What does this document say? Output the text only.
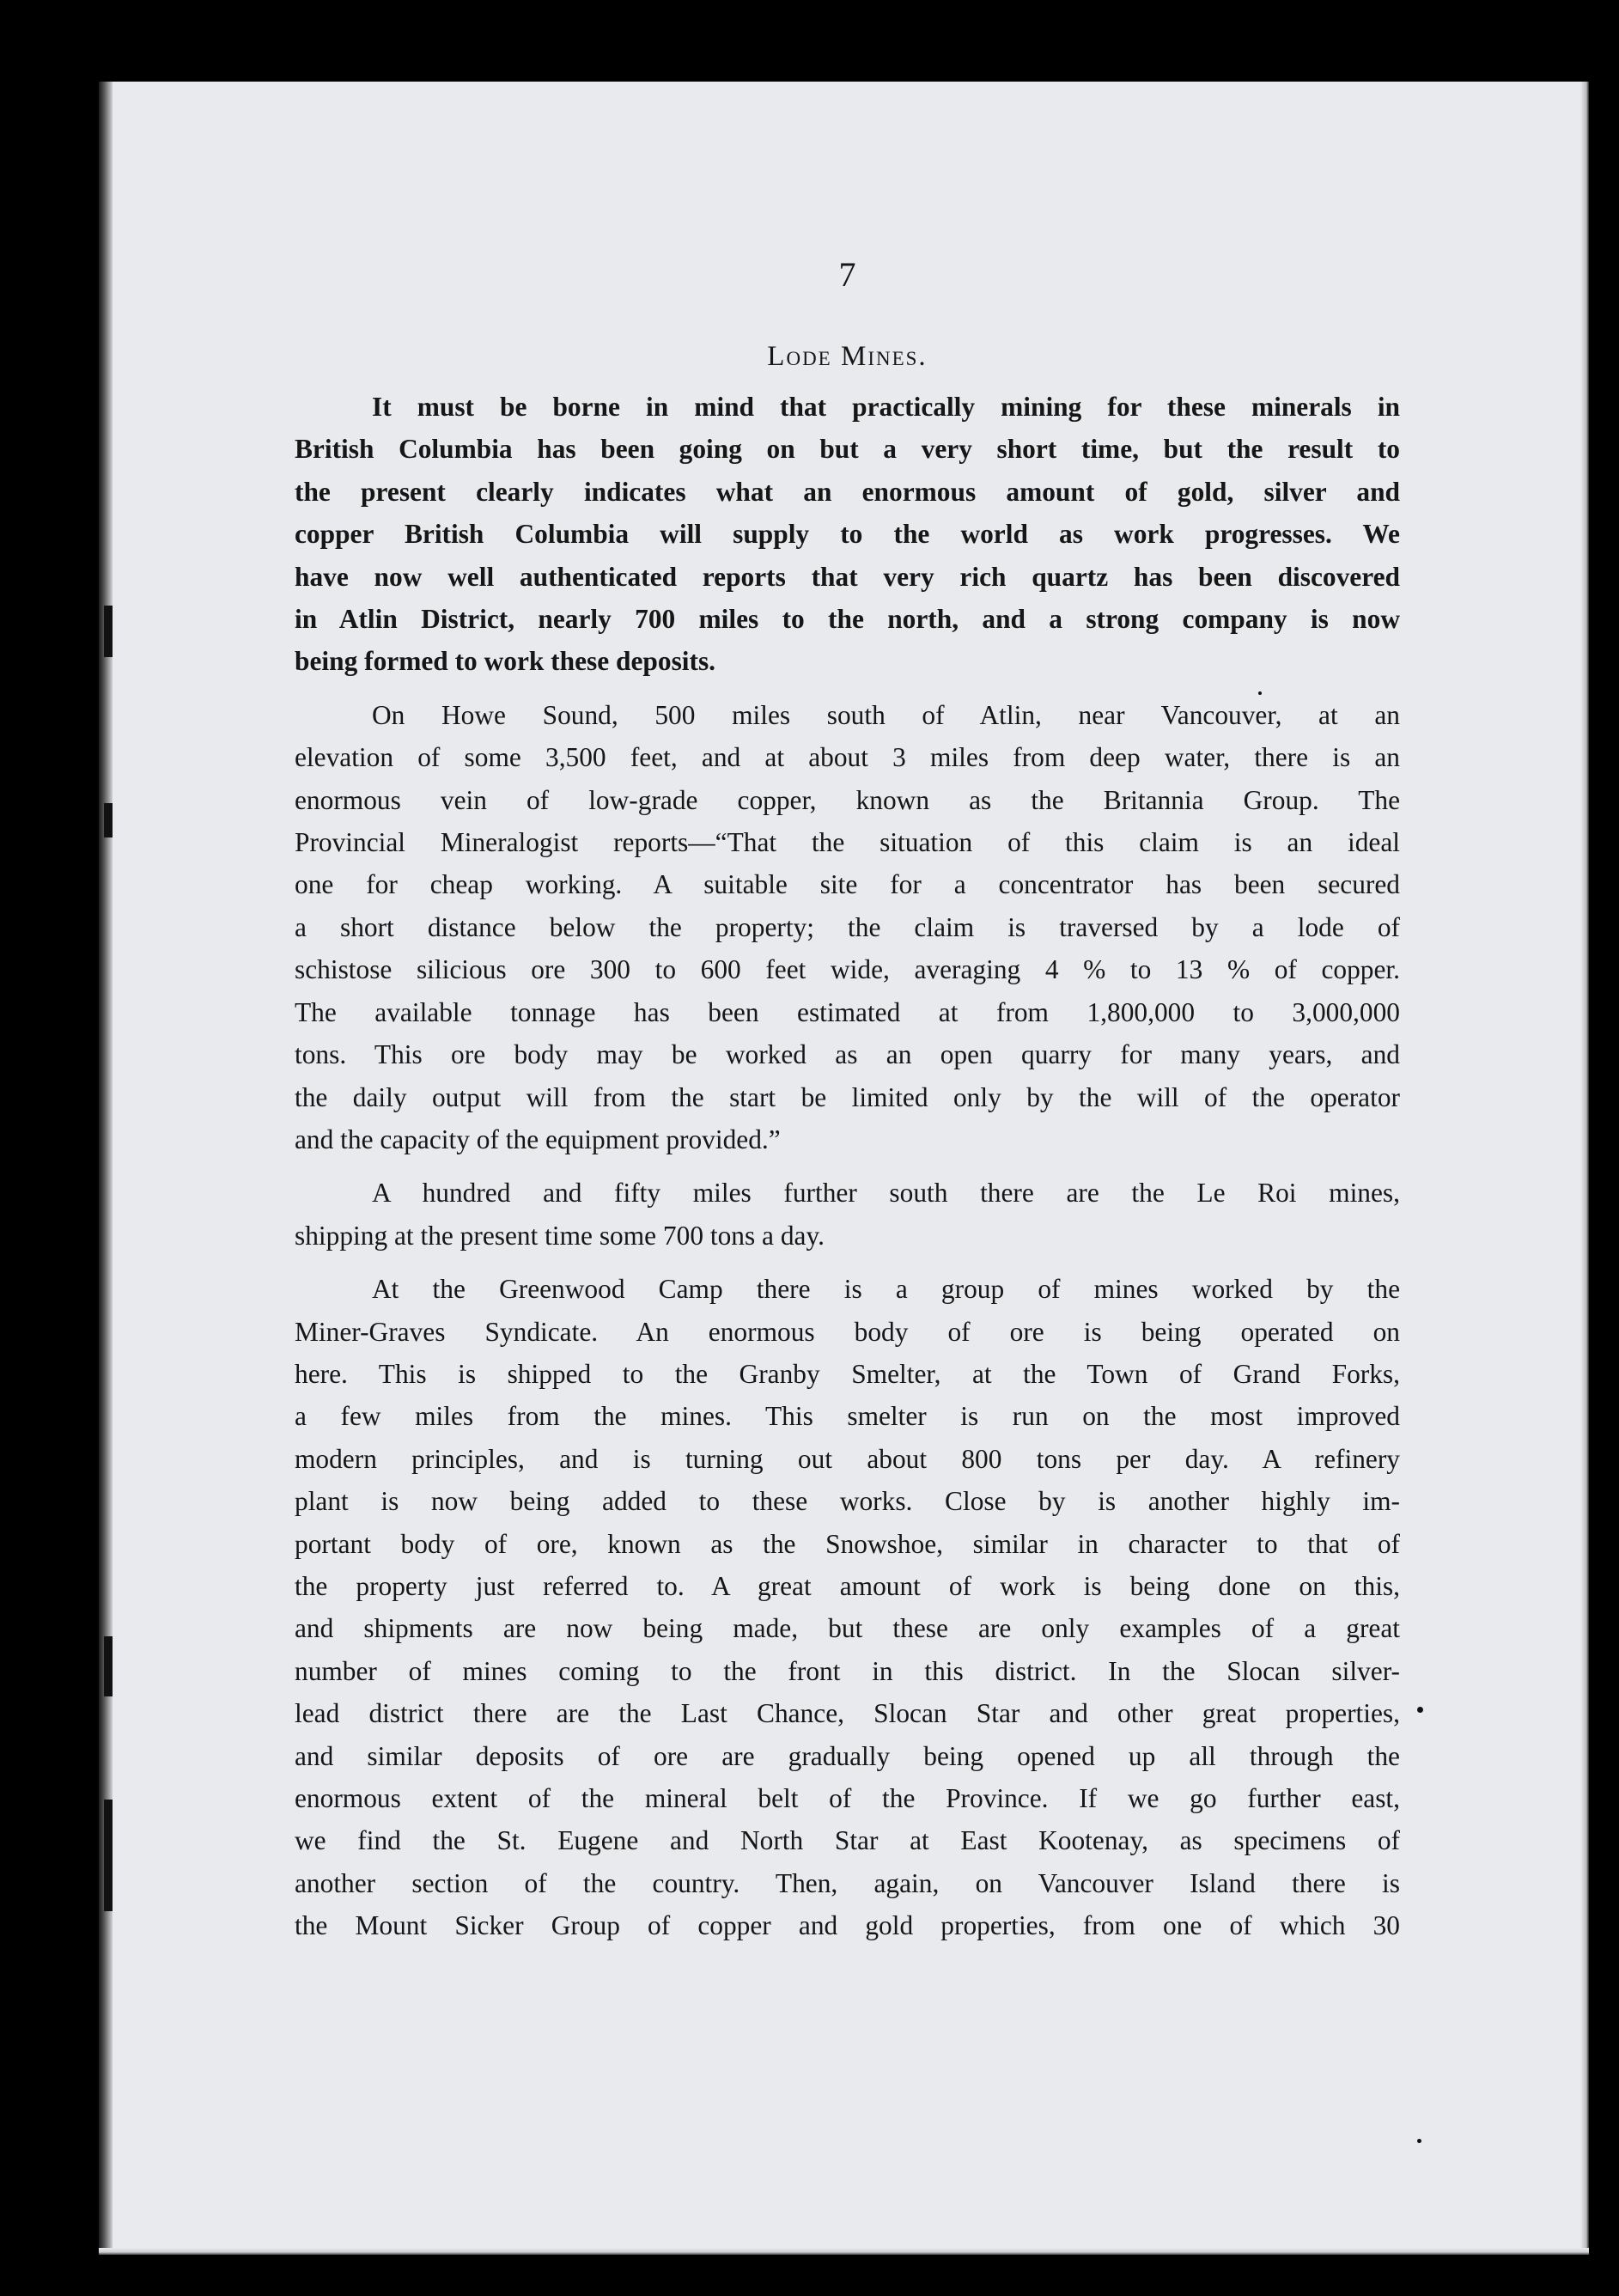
7
Lode Mines.
It must be borne in mind that practically mining for these minerals in
British Columbia has been going on but a very short time, but the result to
the present clearly indicates what an enormous amount of gold, silver and
copper British Columbia will supply to the world as work progresses. We
have now well authenticated reports that very rich quartz has been discovered
in Atlin District, nearly 700 miles to the north, and a strong company is now
being formed to work these deposits.
On Howe Sound, 500 miles south of Atlin, near Vancouver, at an
elevation of some 3,500 feet, and at about 3 miles from deep water, there is an
enormous vein of low-grade copper, known as the Britannia Group. The
Provincial Mineralogist reports—“That the situation of this claim is an ideal
one for cheap working. A suitable site for a concentrator has been secured
a short distance below the property; the claim is traversed by a lode of
schistose silicious ore 300 to 600 feet wide, averaging 4 % to 13 % of copper.
The available tonnage has been estimated at from 1,800,000 to 3,000,000
tons. This ore body may be worked as an open quarry for many years, and
the daily output will from the start be limited only by the will of the operator
and the capacity of the equipment provided.”
A hundred and fifty miles further south there are the Le Roi mines,
shipping at the present time some 700 tons a day.
At the Greenwood Camp there is a group of mines worked by the
Miner-Graves Syndicate. An enormous body of ore is being operated on
here. This is shipped to the Granby Smelter, at the Town of Grand Forks,
a few miles from the mines. This smelter is run on the most improved
modern principles, and is turning out about 800 tons per day. A refinery
plant is now being added to these works. Close by is another highly im-
portant body of ore, known as the Snowshoe, similar in character to that of
the property just referred to. A great amount of work is being done on this,
and shipments are now being made, but these are only examples of a great
number of mines coming to the front in this district. In the Slocan silver-
lead district there are the Last Chance, Slocan Star and other great properties,
and similar deposits of ore are gradually being opened up all through the
enormous extent of the mineral belt of the Province. If we go further east,
we find the St. Eugene and North Star at East Kootenay, as specimens of
another section of the country. Then, again, on Vancouver Island there is
the Mount Sicker Group of copper and gold properties, from one of which 30
